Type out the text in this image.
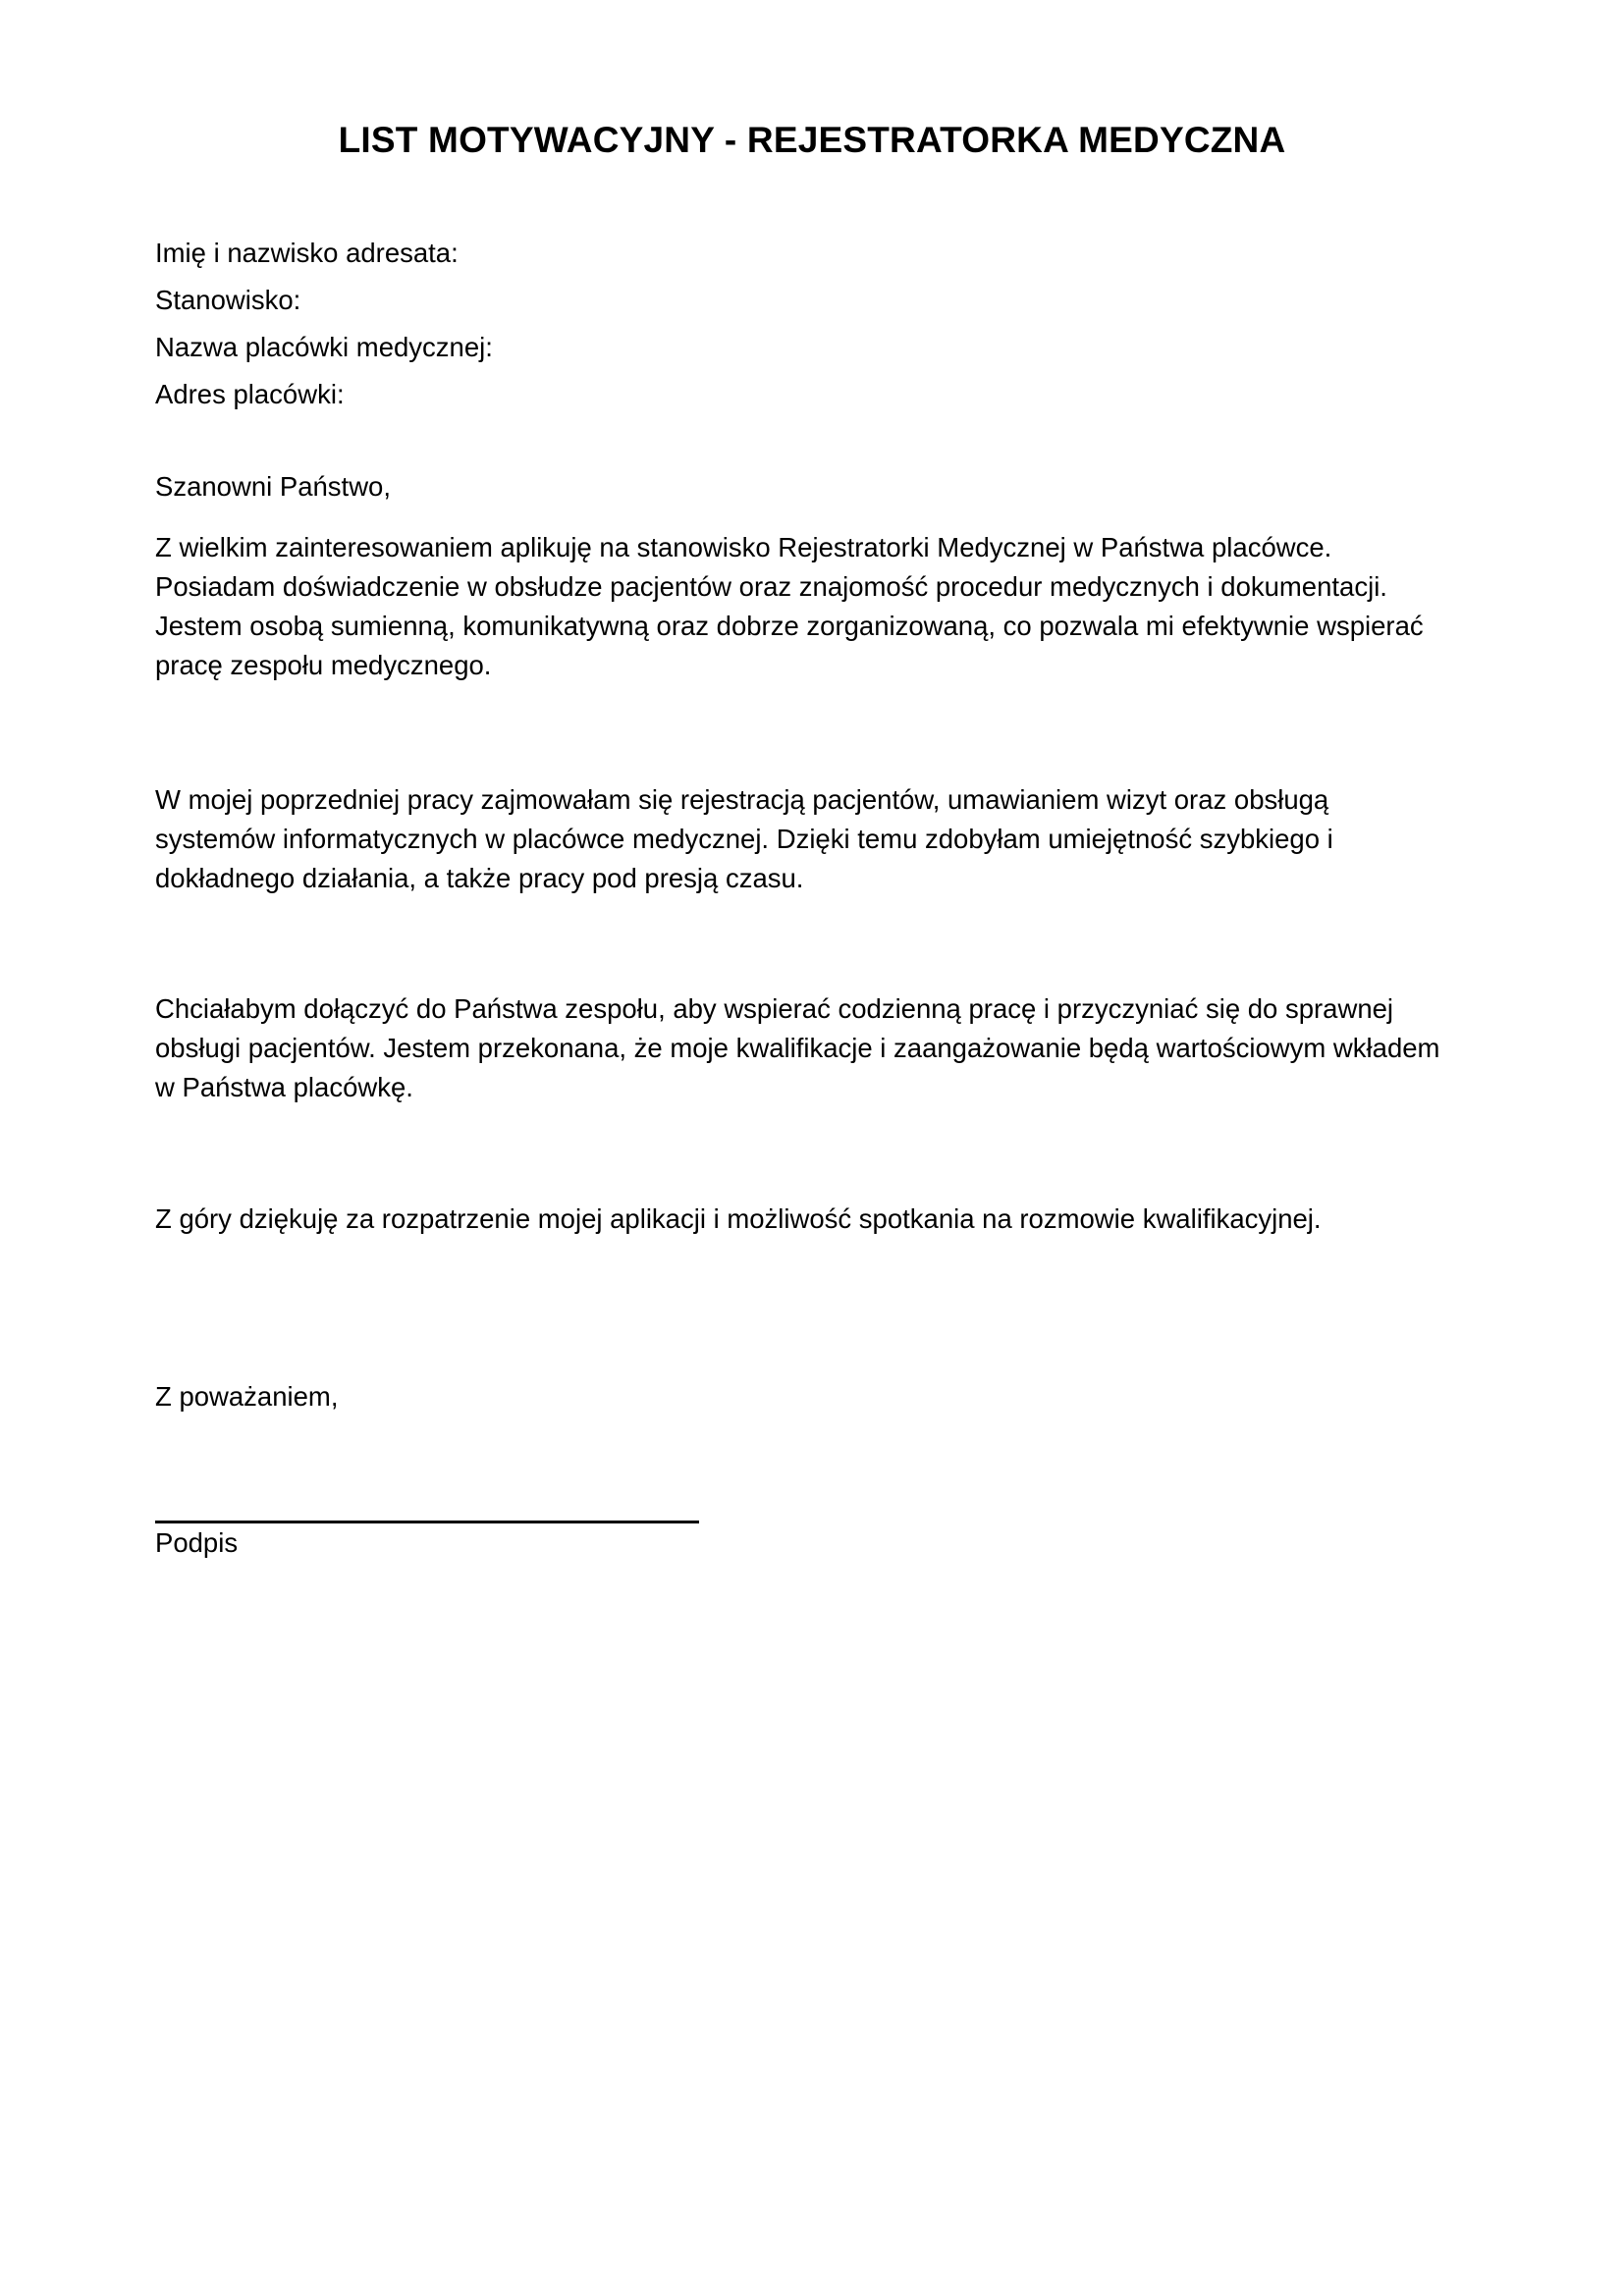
LIST MOTYWACYJNY - REJESTRATORKA MEDYCZNA
Imię i nazwisko adresata:
Stanowisko:
Nazwa placówki medycznej:
Adres placówki:
Szanowni Państwo,
Z wielkim zainteresowaniem aplikuję na stanowisko Rejestratorki Medycznej w Państwa placówce.
Posiadam doświadczenie w obsłudze pacjentów oraz znajomość procedur medycznych i dokumentacji.
Jestem osobą sumienną, komunikatywną oraz dobrze zorganizowaną, co pozwala mi efektywnie wspierać
pracę zespołu medycznego.
W mojej poprzedniej pracy zajmowałam się rejestracją pacjentów, umawianiem wizyt oraz obsługą
systemów informatycznych w placówce medycznej. Dzięki temu zdobyłam umiejętność szybkiego i
dokładnego działania, a także pracy pod presją czasu.
Chciałabym dołączyć do Państwa zespołu, aby wspierać codzienną pracę i przyczyniać się do sprawnej
obsługi pacjentów. Jestem przekonana, że moje kwalifikacje i zaangażowanie będą wartościowym wkładem
w Państwa placówkę.
Z góry dziękuję za rozpatrzenie mojej aplikacji i możliwość spotkania na rozmowie kwalifikacyjnej.
Z poważaniem,
Podpis
